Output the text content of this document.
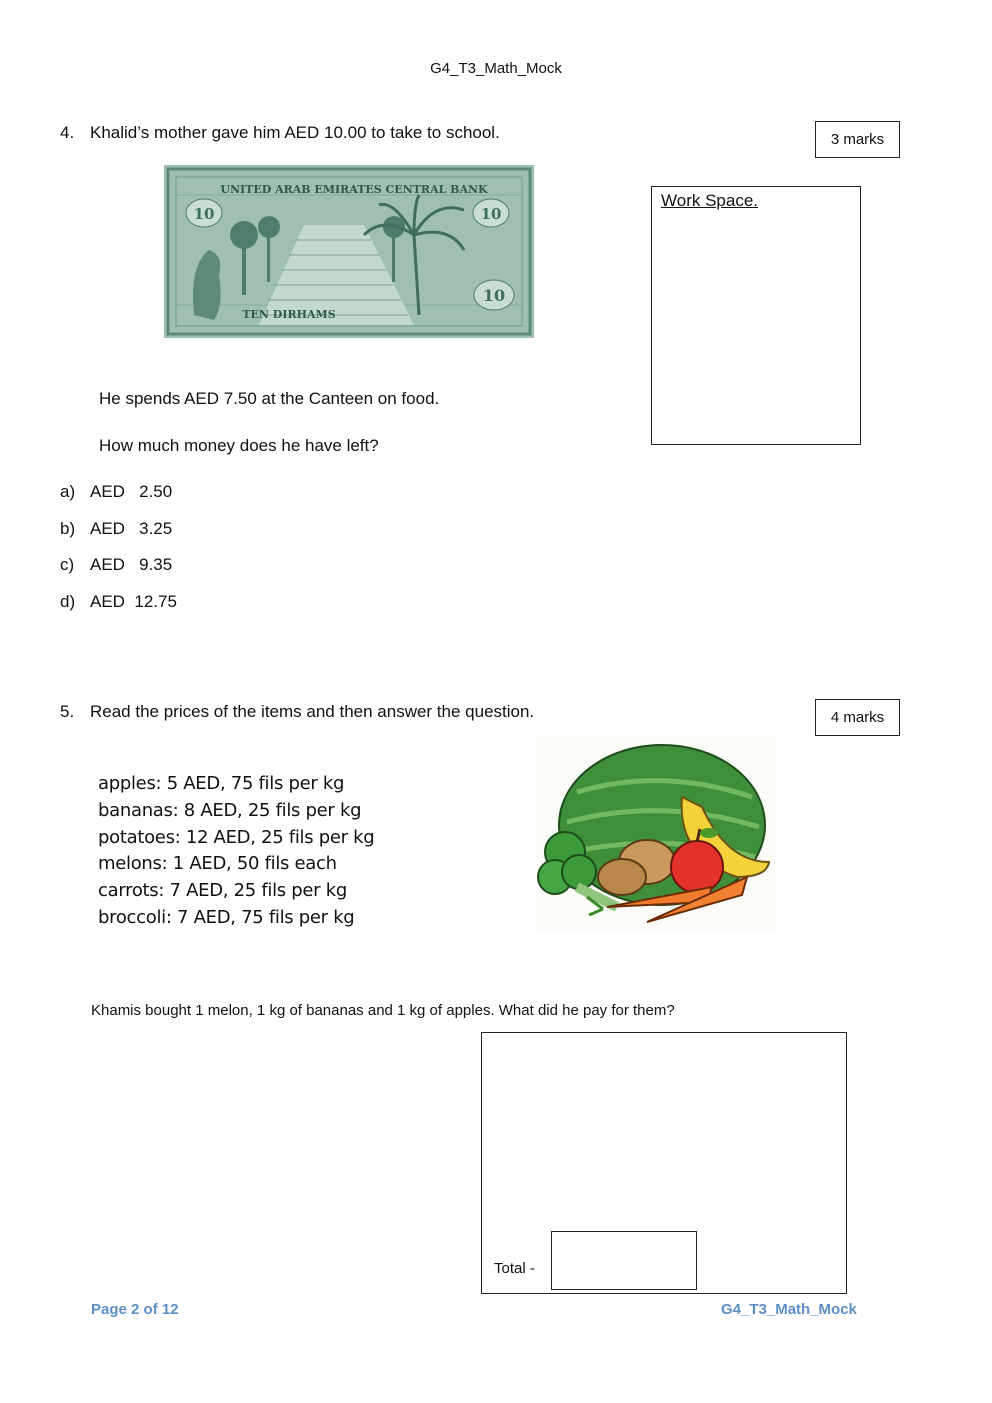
G4_T3_Math_Mock
4. Khalid’s mother gave him AED 10.00 to take to school.	3 marks
10	10
10
UNITED ARAB EMIRATES CENTRAL BANK
TEN DIRHAMS
Work Space.
He spends AED 7.50 at the Canteen on food.
How much money does he have left?
a) AED   2.50
b) AED   3.25
c) AED   9.35
d) AED  12.75
5. Read the prices of the items and then answer the question.	4 marks
apples: 5 AED, 75 fils per kg
bananas: 8 AED, 25 fils per kg
potatoes: 12 AED, 25 fils per kg
melons: 1 AED, 50 fils each
carrots: 7 AED, 25 fils per kg
broccoli: 7 AED, 75 fils per kg
Khamis bought 1 melon, 1 kg of bananas and 1 kg of apples. What did he pay for them?
Total -
Page 2 of 12	G4_T3_Math_Mock
